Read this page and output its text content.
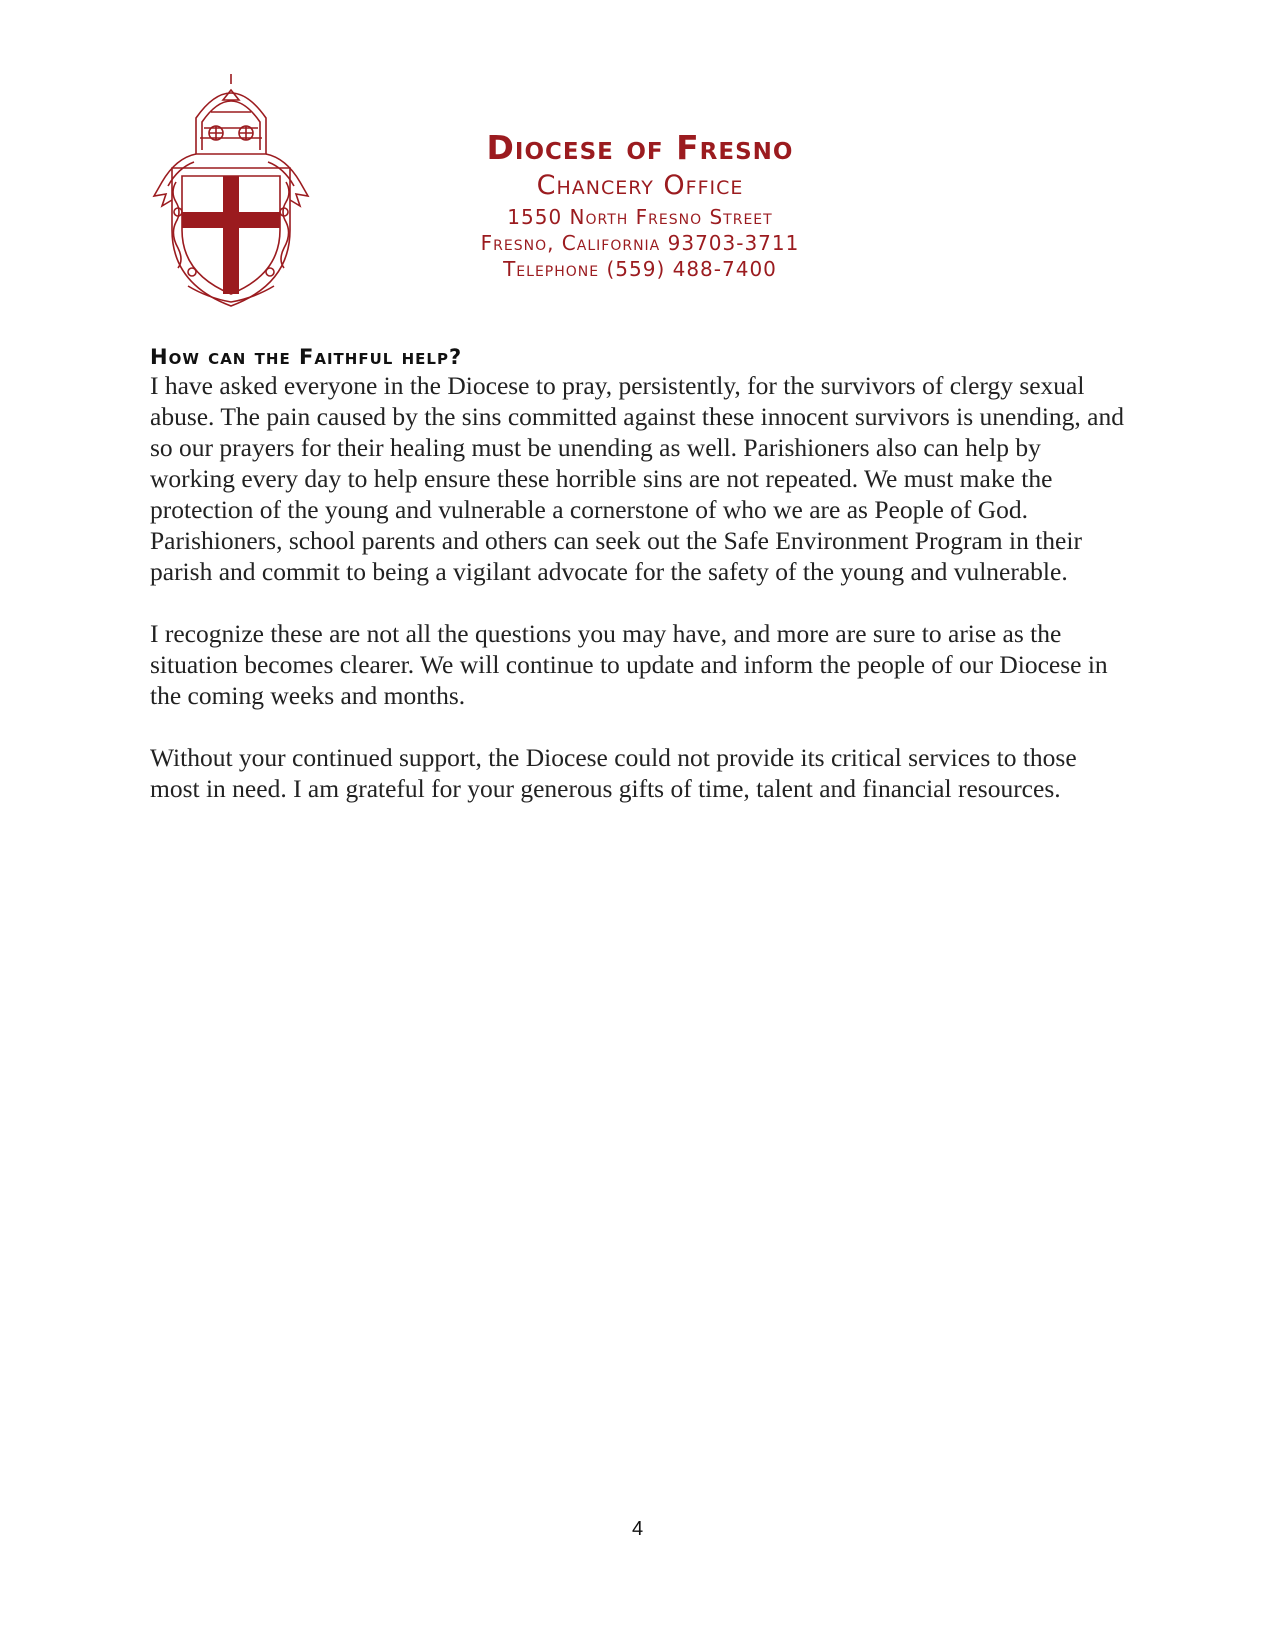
Diocese of Fresno
Chancery Office
1550 North Fresno Street
Fresno, California 93703-3711
Telephone (559) 488-7400
How can the Faithful help?

I have asked everyone in the Diocese to pray, persistently, for the survivors of clergy sexual abuse. The pain caused by the sins committed against these innocent survivors is unending, and so our prayers for their healing must be unending as well. Parishioners also can help by working every day to help ensure these horrible sins are not repeated. We must make the protection of the young and vulnerable a cornerstone of who we are as People of God. Parishioners, school parents and others can seek out the Safe Environment Program in their parish and commit to being a vigilant advocate for the safety of the young and vulnerable.

I recognize these are not all the questions you may have, and more are sure to arise as the situation becomes clearer. We will continue to update and inform the people of our Diocese in the coming weeks and months.

Without your continued support, the Diocese could not provide its critical services to those most in need. I am grateful for your generous gifts of time, talent and financial resources.

4
